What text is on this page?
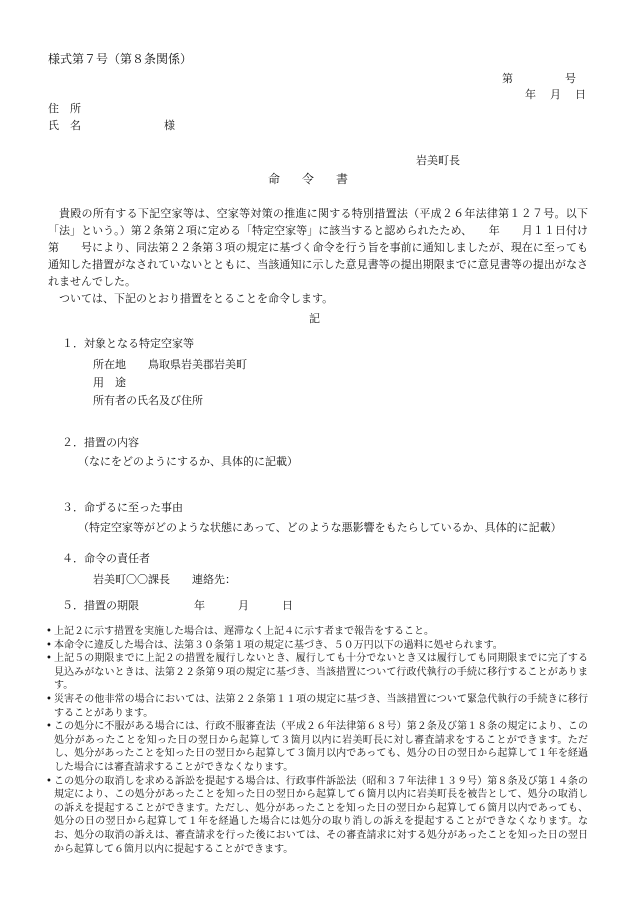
様式第７号（第８条関係）
第	号
年 月 日
住　所
氏　名	様
岩美町長
命 令 書

貴殿の所有する下記空家等は、空家等対策の推進に関する特別措置法（平成２６年法律第１２７号。以下「法」という。）第２条第２項に定める「特定空家等」に該当すると認められたため、　　年　　月１１日付け　　第　　号により、同法第２２条第３項の規定に基づく命令を行う旨を事前に通知しましたが、現在に至っても通知した措置がなされていないとともに、当該通知に示した意見書等の提出期限までに意見書等の提出がなされませんでした。

ついては、下記のとおり措置をとることを命令します。

記
１．対象となる特定空家等
所在地　　鳥取県岩美郡岩美町
用　途
所有者の氏名及び住所
２．措置の内容
（なにをどのようにするか、具体的に記載）
３．命ずるに至った事由
（特定空家等がどのような状態にあって、どのような悪影響をもたらしているか、具体的に記載）
４．命令の責任者
岩美町〇〇課長　　連絡先：
５．措置の期限　　　　　年　　　月　　　日
• 上記２に示す措置を実施した場合は、遅滞なく上記４に示す者まで報告をすること。
• 本命令に違反した場合は、法第３０条第１項の規定に基づき、５０万円以下の過料に処せられます。
• 上記５の期限までに上記２の措置を履行しないとき、履行しても十分でないとき又は履行しても同期限までに完了する見込みがないときは、法第２２条第９項の規定に基づき、当該措置について行政代執行の手続に移行することがあります。
• 災害その他非常の場合においては、法第２２条第１１項の規定に基づき、当該措置について緊急代執行の手続きに移行することがあります。
• この処分に不服がある場合には、行政不服審査法（平成２６年法律第６８号）第２条及び第１８条の規定により、この処分があったことを知った日の翌日から起算して３箇月以内に岩美町長に対し審査請求をすることができます。ただし、処分があったことを知った日の翌日から起算して３箇月以内であっても、処分の日の翌日から起算して１年を経過した場合には審査請求することができなくなります。
• この処分の取消しを求める訴訟を提起する場合は、行政事件訴訟法（昭和３７年法律１３９号）第８条及び第１４条の規定により、この処分があったことを知った日の翌日から起算して６箇月以内に岩美町長を被告として、処分の取消しの訴えを提起することができます。ただし、処分があったことを知った日の翌日から起算して６箇月以内であっても、処分の日の翌日から起算して１年を経過した場合には処分の取り消しの訴えを提起することができなくなります。なお、処分の取消の訴えは、審査請求を行った後においては、その審査請求に対する処分があったことを知った日の翌日から起算して６箇月以内に提起することができます。
